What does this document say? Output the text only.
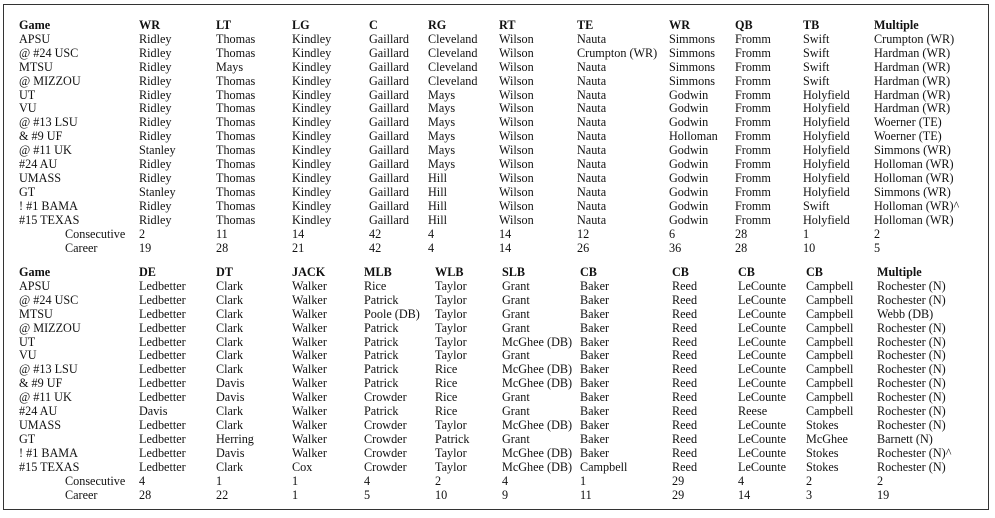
Game	WR	LT	LG	C	RG	RT	TE	WR	QB	TB	Multiple
APSU	Ridley	Thomas	Kindley	Gaillard	Cleveland	Wilson	Nauta	Simmons	Fromm	Swift	Crumpton (WR)
@ #24 USC	Ridley	Thomas	Kindley	Gaillard	Cleveland	Wilson	Crumpton (WR)	Simmons	Fromm	Swift	Hardman (WR)
MTSU	Ridley	Mays	Kindley	Gaillard	Cleveland	Wilson	Nauta	Simmons	Fromm	Swift	Hardman (WR)
@ MIZZOU	Ridley	Thomas	Kindley	Gaillard	Cleveland	Wilson	Nauta	Simmons	Fromm	Swift	Hardman (WR)
UT	Ridley	Thomas	Kindley	Gaillard	Mays	Wilson	Nauta	Godwin	Fromm	Holyfield	Hardman (WR)
VU	Ridley	Thomas	Kindley	Gaillard	Mays	Wilson	Nauta	Godwin	Fromm	Holyfield	Hardman (WR)
@ #13 LSU	Ridley	Thomas	Kindley	Gaillard	Mays	Wilson	Nauta	Godwin	Fromm	Holyfield	Woerner (TE)
& #9 UF	Ridley	Thomas	Kindley	Gaillard	Mays	Wilson	Nauta	Holloman	Fromm	Holyfield	Woerner (TE)
@ #11 UK	Stanley	Thomas	Kindley	Gaillard	Mays	Wilson	Nauta	Godwin	Fromm	Holyfield	Simmons (WR)
#24 AU	Ridley	Thomas	Kindley	Gaillard	Mays	Wilson	Nauta	Godwin	Fromm	Holyfield	Holloman (WR)
UMASS	Ridley	Thomas	Kindley	Gaillard	Hill	Wilson	Nauta	Godwin	Fromm	Holyfield	Holloman (WR)
GT	Stanley	Thomas	Kindley	Gaillard	Hill	Wilson	Nauta	Godwin	Fromm	Holyfield	Simmons (WR)
! #1 BAMA	Ridley	Thomas	Kindley	Gaillard	Hill	Wilson	Nauta	Godwin	Fromm	Swift	Holloman (WR)^
#15 TEXAS	Ridley	Thomas	Kindley	Gaillard	Hill	Wilson	Nauta	Godwin	Fromm	Holyfield	Holloman (WR)
Consecutive	2	11	14	42	4	14	12	6	28	1	2
Career	19	28	21	42	4	14	26	36	28	10	5
Game	DE	DT	JACK	MLB	WLB	SLB	CB	CB	CB	CB	Multiple
APSU	Ledbetter	Clark	Walker	Rice	Taylor	Grant	Baker	Reed	LeCounte	Campbell	Rochester (N)
@ #24 USC	Ledbetter	Clark	Walker	Patrick	Taylor	Grant	Baker	Reed	LeCounte	Campbell	Rochester (N)
MTSU	Ledbetter	Clark	Walker	Poole (DB)	Taylor	Grant	Baker	Reed	LeCounte	Campbell	Webb (DB)
@ MIZZOU	Ledbetter	Clark	Walker	Patrick	Taylor	Grant	Baker	Reed	LeCounte	Campbell	Rochester (N)
UT	Ledbetter	Clark	Walker	Patrick	Taylor	McGhee (DB)	Baker	Reed	LeCounte	Campbell	Rochester (N)
VU	Ledbetter	Clark	Walker	Patrick	Taylor	Grant	Baker	Reed	LeCounte	Campbell	Rochester (N)
@ #13 LSU	Ledbetter	Clark	Walker	Patrick	Rice	McGhee (DB)	Baker	Reed	LeCounte	Campbell	Rochester (N)
& #9 UF	Ledbetter	Davis	Walker	Patrick	Rice	McGhee (DB)	Baker	Reed	LeCounte	Campbell	Rochester (N)
@ #11 UK	Ledbetter	Davis	Walker	Crowder	Rice	Grant	Baker	Reed	LeCounte	Campbell	Rochester (N)
#24 AU	Davis	Clark	Walker	Patrick	Rice	Grant	Baker	Reed	Reese	Campbell	Rochester (N)
UMASS	Ledbetter	Clark	Walker	Crowder	Taylor	McGhee (DB)	Baker	Reed	LeCounte	Stokes	Rochester (N)
GT	Ledbetter	Herring	Walker	Crowder	Patrick	Grant	Baker	Reed	LeCounte	McGhee	Barnett (N)
! #1 BAMA	Ledbetter	Davis	Walker	Crowder	Taylor	McGhee (DB)	Baker	Reed	LeCounte	Stokes	Rochester (N)^
#15 TEXAS	Ledbetter	Clark	Cox	Crowder	Taylor	McGhee (DB)	Campbell	Reed	LeCounte	Stokes	Rochester (N)
Consecutive	4	1	1	4	2	4	1	29	4	2	2
Career	28	22	1	5	10	9	11	29	14	3	19
